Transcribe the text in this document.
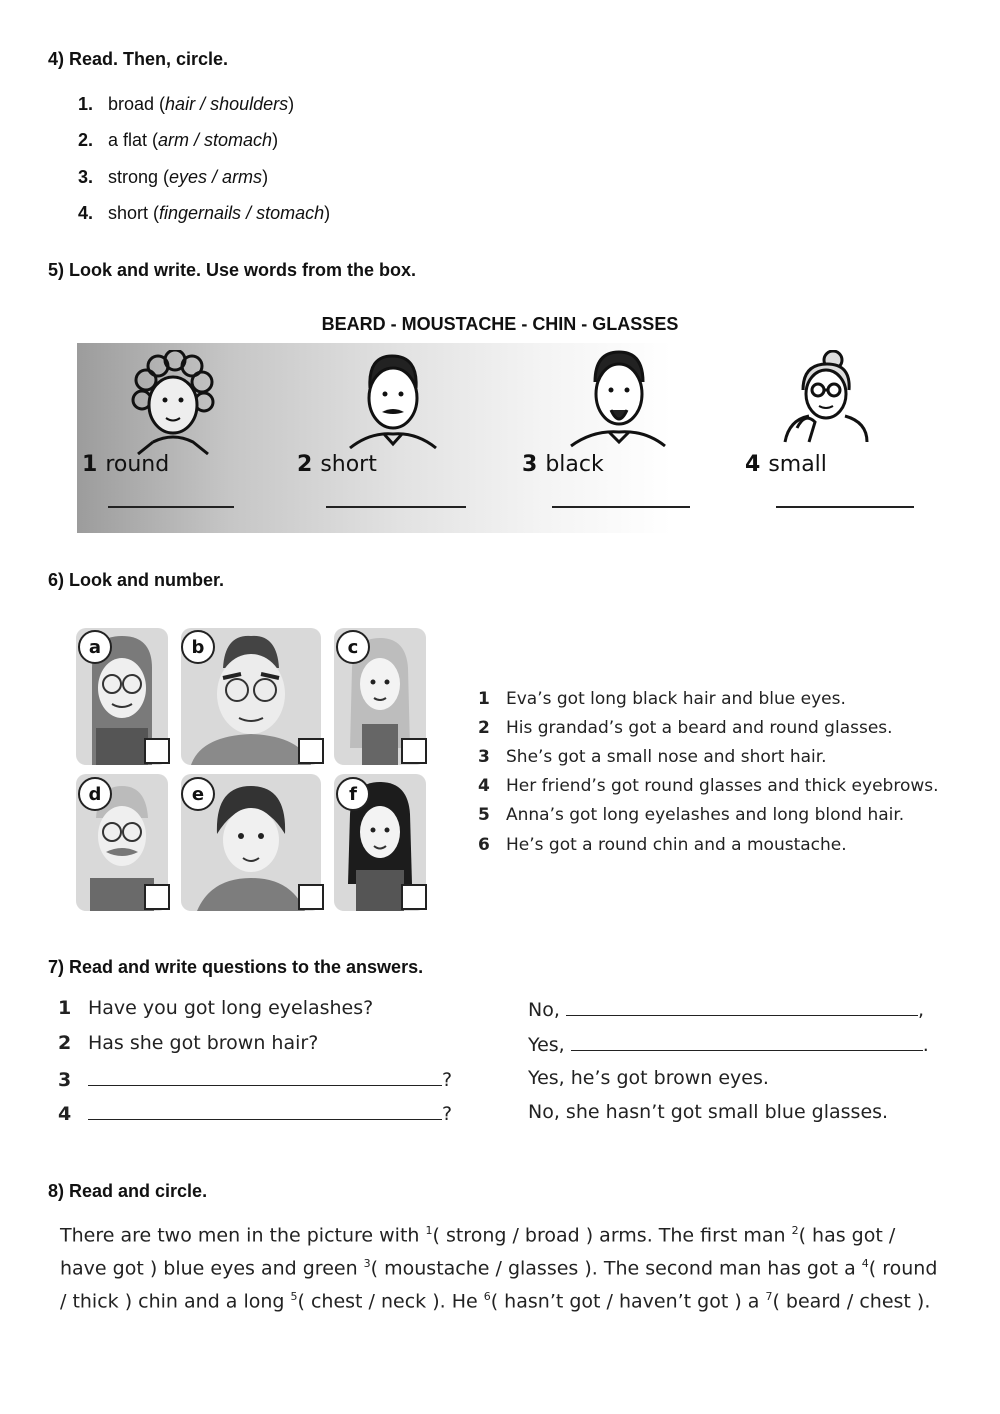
4) Read. Then, circle.
1. broad ( hair / shoulders )
2. a flat ( arm / stomach )
3. strong ( eyes / arms )
4. short ( fingernails / stomach )
5) Look and write. Use words from the box.
BEARD - MOUSTACHE - CHIN - GLASSES
1 round	2 short	3 black	4 small
6) Look and number.
a	b	c
d	e	f
1 Eva’s got long black hair and blue eyes.
2 His grandad’s got a beard and round glasses.
3 She’s got a small nose and short hair.
4 Her friend’s got round glasses and thick eyebrows.
5 Anna’s got long eyelashes and long blond hair.
6 He’s got a round chin and a moustache.
7) Read and write questions to the answers.
1 Have you got long eyelashes?	No,	,
2 Has she got brown hair?	Yes,	.
3	?	Yes, he’s got brown eyes.
4	?	No, she hasn’t got small blue glasses.
8) Read and circle.
There are two men in the picture with $^1$( strong / broad ) arms. The first man $^2$( has got / have got ) blue eyes and green $^3$( moustache / glasses ). The second man has got a $^4$( round / thick ) chin and a long $^5$( chest / neck ). He $^6$( hasn’t got / haven’t got ) a $^7$( beard / chest ).
